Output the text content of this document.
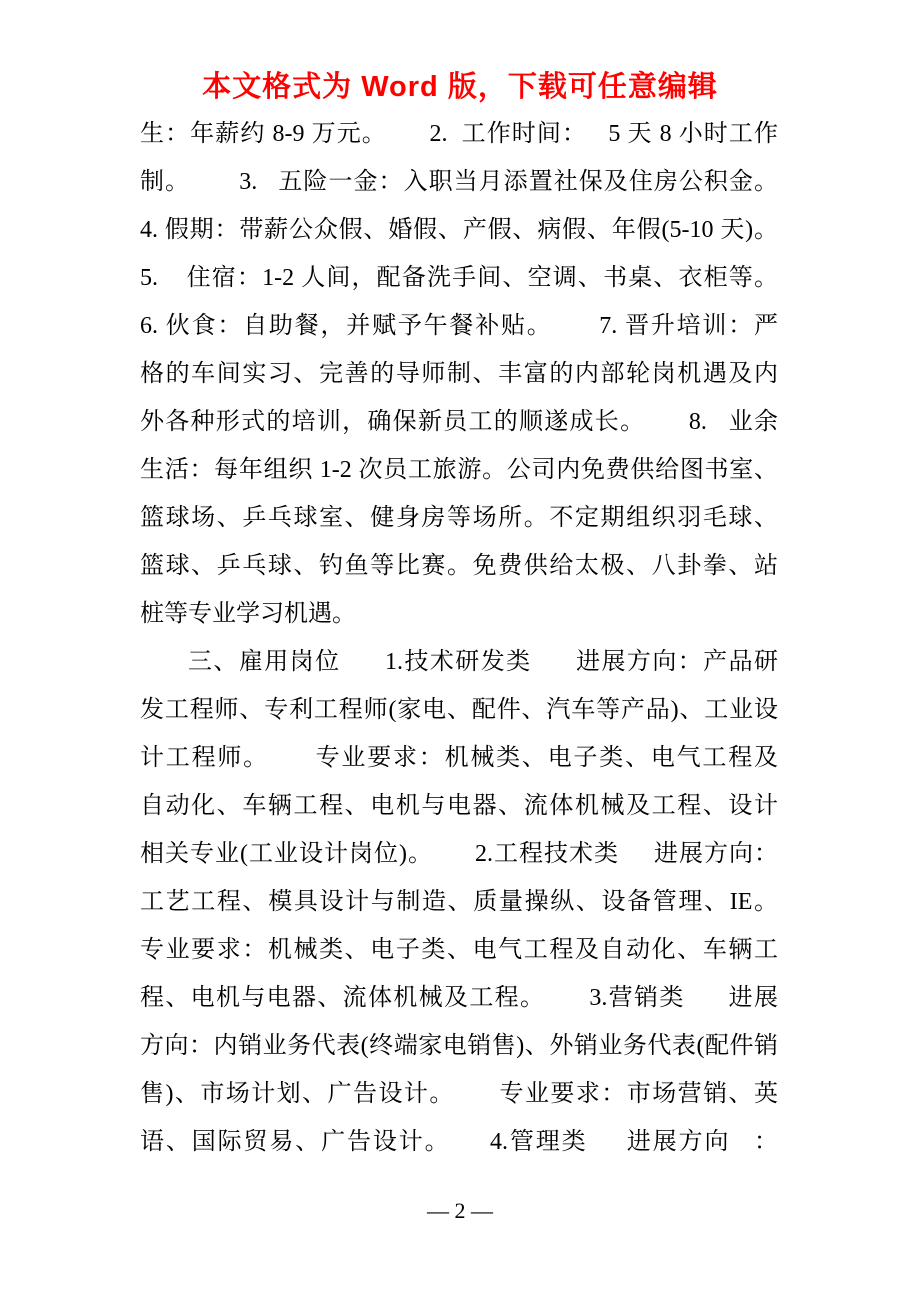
本文格式为 Word 版，下载可任意编辑
生：年薪约 8-9 万元。      2.  工作时间：   5 天 8 小时工作
制。       3.   五险一金：入职当月添置社保及住房公积金。
4. 假期：带薪公众假、婚假、产假、病假、年假(5-10 天)。
5.    住宿：1-2 人间，配备洗手间、空调、书桌、衣柜等。
6. 伙食：自助餐，并赋予午餐补贴。      7. 晋升培训：严
格的车间实习、完善的导师制、丰富的内部轮岗机遇及内
外各种形式的培训，确保新员工的顺遂成长。      8.   业余
生活：每年组织 1-2 次员工旅游。公司内免费供给图书室、
篮球场、乒乓球室、健身房等场所。不定期组织羽毛球、
篮球、乒乓球、钓鱼等比赛。免费供给太极、八卦拳、站
桩等专业学习机遇。
三、雇用岗位      1.技术研发类      进展方向：产品研
发工程师、专利工程师(家电、配件、汽车等产品)、工业设
计工程师。      专业要求：机械类、电子类、电气工程及
自动化、车辆工程、电机与电器、流体机械及工程、设计
相关专业(工业设计岗位)。      2.工程技术类     进展方向：
工艺工程、模具设计与制造、质量操纵、设备管理、IE。
专业要求：机械类、电子类、电气工程及自动化、车辆工
程、电机与电器、流体机械及工程。      3.营销类      进展
方向：内销业务代表(终端家电销售)、外销业务代表(配件销
售)、市场计划、广告设计。      专业要求：市场营销、英
语、国际贸易、广告设计。     4.管理类     进展方向   ：
— 2 —
